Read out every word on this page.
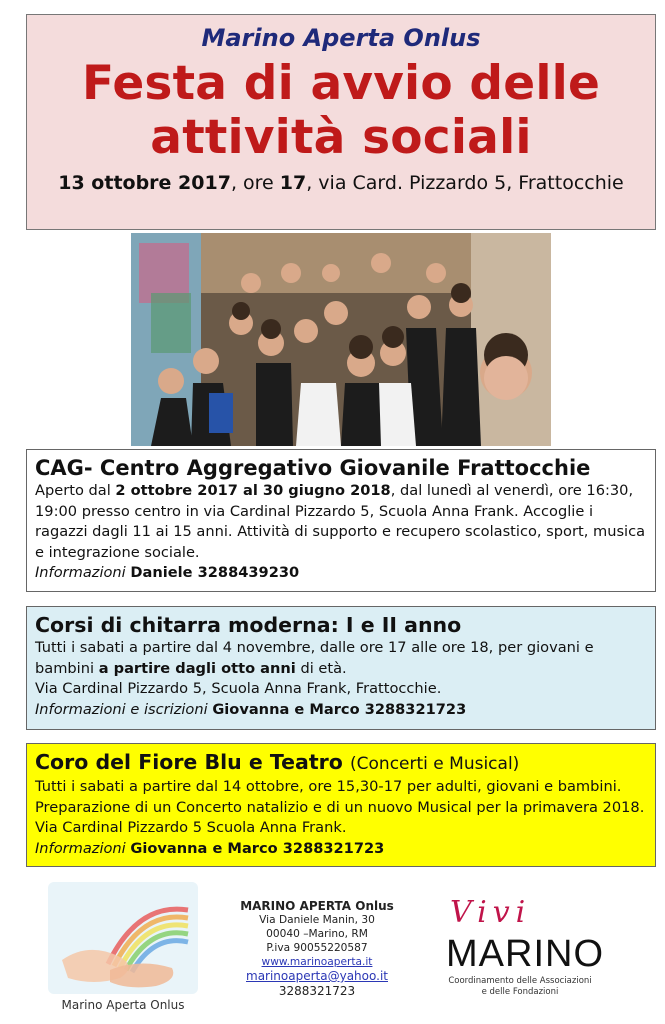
Marino Aperta Onlus
Festa di avvio delle
attività sociali
13 ottobre 2017, ore 17, via Card. Pizzardo 5, Frattocchie
CAG- Centro Aggregativo Giovanile Frattocchie
Aperto dal 2 ottobre 2017 al 30 giugno 2018, dal lunedì al venerdì, ore 16:30, 19:00 presso centro in via Cardinal Pizzardo 5, Scuola Anna Frank. Accoglie i ragazzi dagli 11 ai 15 anni. Attività di supporto e recupero scolastico, sport, musica e integrazione sociale.
Informazioni Daniele 3288439230
Corsi di chitarra moderna: I e II anno
Tutti i sabati a partire dal 4 novembre, dalle ore 17 alle ore 18, per giovani e bambini a partire dagli otto anni di età.
Via Cardinal Pizzardo 5, Scuola Anna Frank, Frattocchie.
Informazioni e iscrizioni Giovanna e Marco 3288321723
Coro del Fiore Blu e Teatro (Concerti e Musical)
Tutti i sabati a partire dal 14 ottobre, ore 15,30-17 per adulti, giovani e bambini. Preparazione di un Concerto natalizio e di un nuovo Musical per la primavera 2018. Via Cardinal Pizzardo 5 Scuola Anna Frank.
Informazioni Giovanna e Marco 3288321723
Marino Aperta Onlus
MARINO APERTA Onlus
Via Daniele Manin, 30
00040 –Marino, RM
P.iva 90055220587
www.marinoaperta.it
marinoaperta@yahoo.it
3288321723
Vivi
MARINO
Coordinamento delle Associazioni
e delle Fondazioni
